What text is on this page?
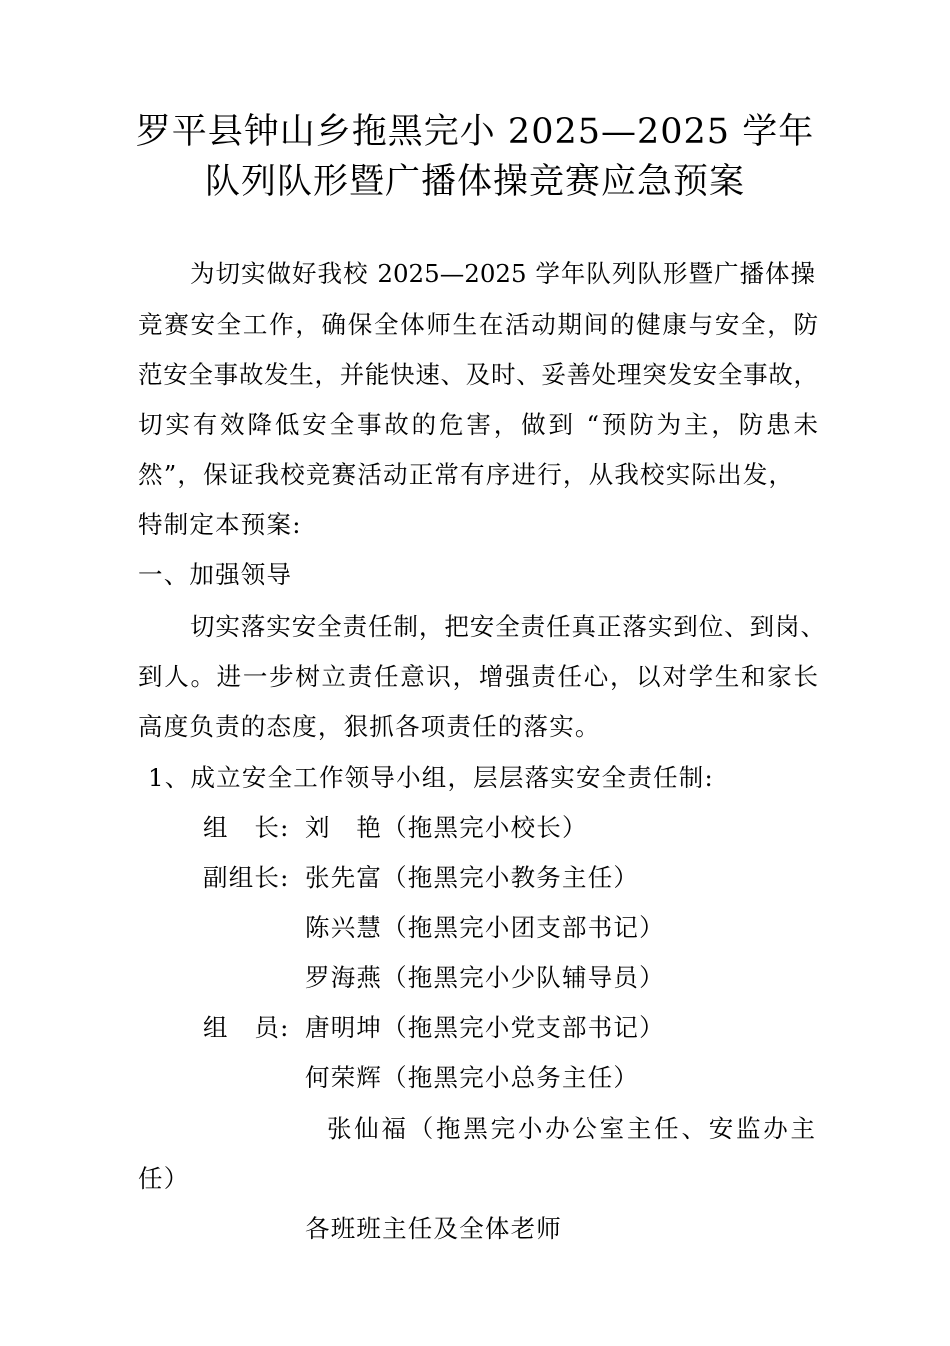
罗平县钟山乡拖黑完小 2025—2025 学年
队列队形暨广播体操竞赛应急预案
为切实做好我校 2025—2025 学年队列队形暨广播体操
竞赛安全工作，确保全体师生在活动期间的健康与安全，防
范安全事故发生，并能快速、及时、妥善处理突发安全事故，
切实有效降低安全事故的危害，做到 “预防为主，防患未
然”，保证我校竞赛活动正常有序进行，从我校实际出发，
特制定本预案:
一、加强领导
切实落实安全责任制，把安全责任真正落实到位、到岗、
到人。进一步树立责任意识，增强责任心，以对学生和家长
高度负责的态度，狠抓各项责任的落实。
1、成立安全工作领导小组，层层落实安全责任制:
组　长: 刘　艳（拖黑完小校长）
副组长: 张先富（拖黑完小教务主任）
陈兴慧（拖黑完小团支部书记）
罗海燕（拖黑完小少队辅导员）
组　员: 唐明坤（拖黑完小党支部书记）
何荣辉（拖黑完小总务主任）
张仙福（拖黑完小办公室主任、安监办主
任）
各班班主任及全体老师
